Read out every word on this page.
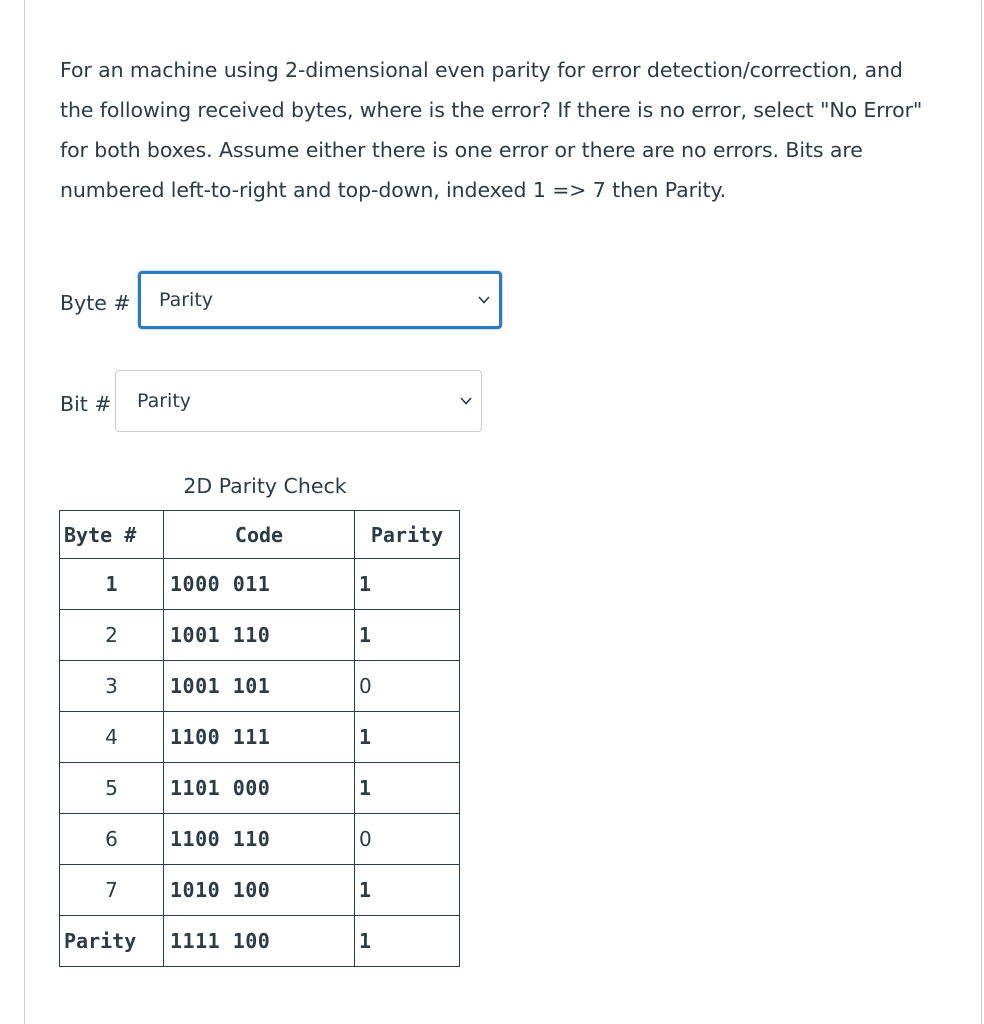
For an machine using 2-dimensional even parity for error detection/correction, and the following received bytes, where is the error? If there is no error, select "No Error" for both boxes. Assume either there is one error or there are no errors. Bits are numbered left-to-right and top-down, indexed 1 => 7 then Parity.

Byte # Parity
Bit # Parity
2D Parity Check
Byte #	Code	Parity
1	1000 011	1
2	1001 110	1
3	1001 101	0
4	1100 111	1
5	1101 000	1
6	1100 110	0
7	1010 100	1
Parity	1111 100	1
